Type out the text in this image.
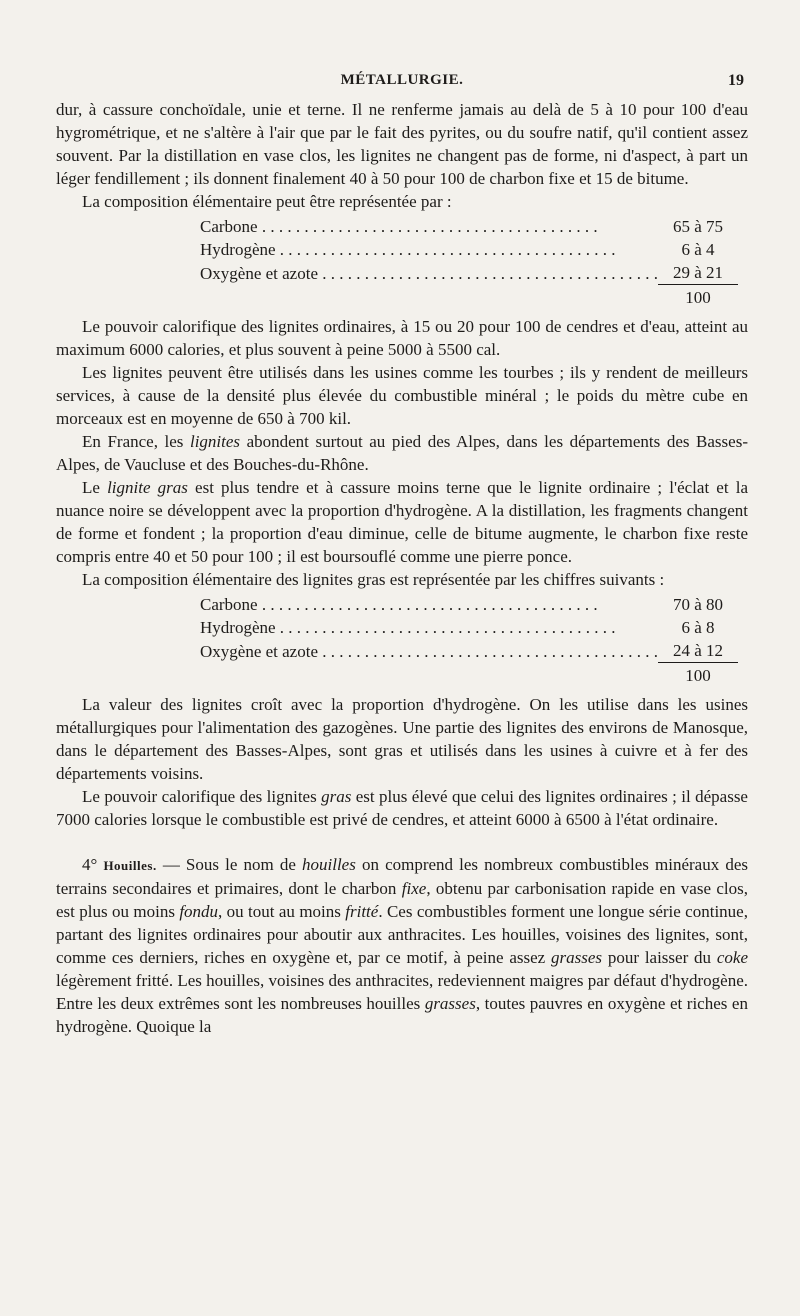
MÉTALLURGIE.	19

dur, à cassure conchoïdale, unie et terne. Il ne renferme jamais au delà de 5 à 10 pour 100 d'eau hygrométrique, et ne s'altère à l'air que par le fait des pyrites, ou du soufre natif, qu'il contient assez souvent. Par la distillation en vase clos, les lignites ne changent pas de forme, ni d'aspect, à part un léger fendillement ; ils donnent finalement 40 à 50 pour 100 de charbon fixe et 15 de bitume.

La composition élémentaire peut être représentée par :

Carbone . . .	65 à 75
Hydrogène . . .	6 à 4
Oxygène et azote . . .	29 à 21
	100

Le pouvoir calorifique des lignites ordinaires, à 15 ou 20 pour 100 de cendres et d'eau, atteint au maximum 6000 calories, et plus souvent à peine 5000 à 5500 cal.

Les lignites peuvent être utilisés dans les usines comme les tourbes ; ils y rendent de meilleurs services, à cause de la densité plus élevée du combustible minéral ; le poids du mètre cube en morceaux est en moyenne de 650 à 700 kil.

En France, les lignites abondent surtout au pied des Alpes, dans les départements des Basses-Alpes, de Vaucluse et des Bouches-du-Rhône.

Le lignite gras est plus tendre et à cassure moins terne que le lignite ordinaire ; l'éclat et la nuance noire se développent avec la proportion d'hydrogène. A la distillation, les fragments changent de forme et fondent ; la proportion d'eau diminue, celle de bitume augmente, le charbon fixe reste compris entre 40 et 50 pour 100 ; il est boursouflé comme une pierre ponce.

La composition élémentaire des lignites gras est représentée par les chiffres suivants :

Carbone . . .	70 à 80
Hydrogène . . .	6 à 8
Oxygène et azote . . .	24 à 12
	100

La valeur des lignites croît avec la proportion d'hydrogène. On les utilise dans les usines métallurgiques pour l'alimentation des gazogènes. Une partie des lignites des environs de Manosque, dans le département des Basses-Alpes, sont gras et utilisés dans les usines à cuivre et à fer des départements voisins.

Le pouvoir calorifique des lignites gras est plus élevé que celui des lignites ordinaires ; il dépasse 7000 calories lorsque le combustible est privé de cendres, et atteint 6000 à 6500 à l'état ordinaire.

4° Houilles. — Sous le nom de houilles on comprend les nombreux combustibles minéraux des terrains secondaires et primaires, dont le charbon fixe, obtenu par carbonisation rapide en vase clos, est plus ou moins fondu, ou tout au moins fritté. Ces combustibles forment une longue série continue, partant des lignites ordinaires pour aboutir aux anthracites. Les houilles, voisines des lignites, sont, comme ces derniers, riches en oxygène et, par ce motif, à peine assez grasses pour laisser du coke légèrement fritté. Les houilles, voisines des anthracites, redeviennent maigres par défaut d'hydrogène. Entre les deux extrêmes sont les nombreuses houilles grasses, toutes pauvres en oxygène et riches en hydrogène. Quoique la
